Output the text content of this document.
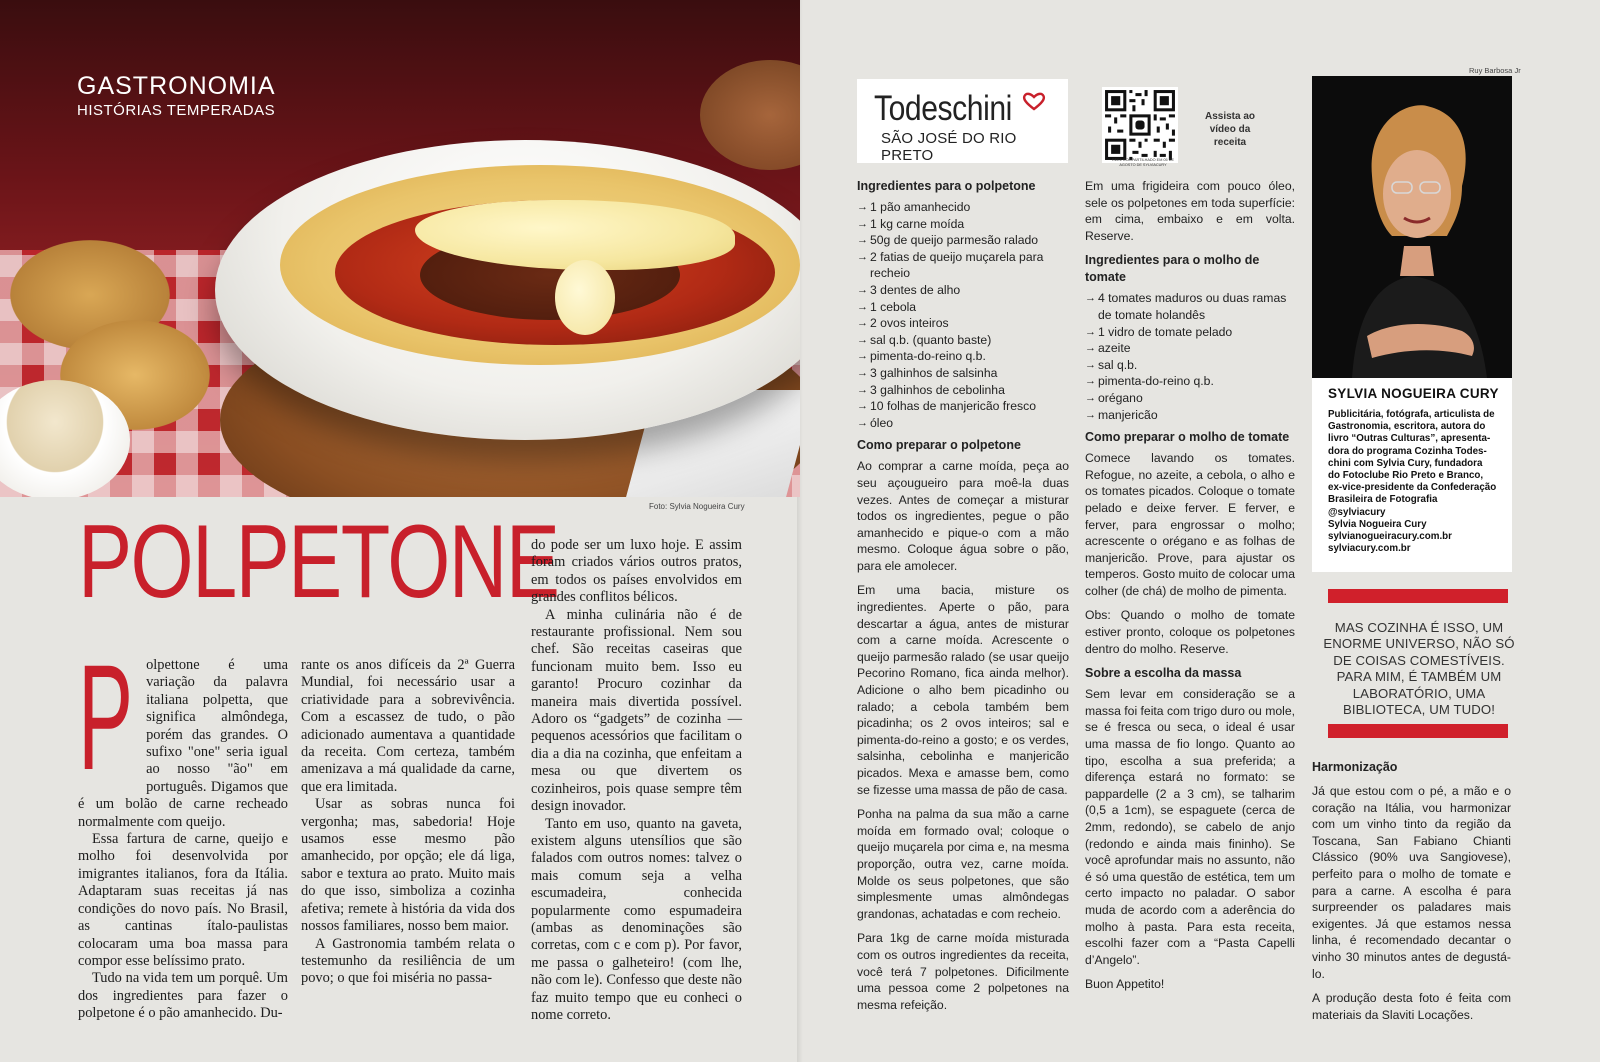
GASTRONOMIA
HISTÓRIAS TEMPERADAS
Foto: Sylvia Nogueira Cury
POLPETONE

Polpettone é uma variação da palavra italiana polpetta, que significa almôndega, porém das grandes. O sufixo "one" seria igual ao nosso "ão" em português. Digamos que é um bolão de carne recheado normalmente com queijo.

Essa fartura de carne, queijo e molho foi desenvolvida por imigrantes italianos, fora da Itália. Adaptaram suas receitas já nas condições do novo país. No Brasil, as cantinas ítalo-paulistas colocaram uma boa massa para compor esse belíssimo prato.

Tudo na vida tem um porquê. Um dos ingredientes para fazer o polpetone é o pão amanhecido. Du-

rante os anos difíceis da 2ª Guerra Mundial, foi necessário usar a criatividade para a sobrevivência. Com a escassez de tudo, o pão adicionado aumentava a quantidade da receita. Com certeza, também amenizava a má qualidade da carne, que era limitada.

Usar as sobras nunca foi vergonha; mas, sabedoria! Hoje usamos esse mesmo pão amanhecido, por opção; ele dá liga, sabor e textura ao prato. Muito mais do que isso, simboliza a cozinha afetiva; remete à história da vida dos nossos familiares, nosso bem maior.

A Gastronomia também relata o testemunho da resiliência de um povo; o que foi miséria no passa-

do pode ser um luxo hoje. E assim foram criados vários outros pratos, em todos os países envolvidos em grandes conflitos bélicos.

A minha culinária não é de restaurante profissional. Nem sou chef. São receitas caseiras que funcionam muito bem. Isso eu garanto! Procuro cozinhar da maneira mais divertida possível. Adoro os “gadgets” de cozinha — pequenos acessórios que facilitam o dia a dia na cozinha, que enfeitam a mesa ou que divertem os cozinheiros, pois quase sempre têm design inovador.

Tanto em uso, quanto na gaveta, existem alguns utensílios que são falados com outros nomes: talvez o mais comum seja a velha escumadeira, conhecida popularmente como espumadeira (ambas as denominações são corretas, com c e com p). Por favor, me passa o galheteiro! (com lhe, não com le). Confesso que deste não faz muito tempo que eu conheci o nome correto.

Todeschini
SÃO JOSÉ DO RIO PRETO	REEL COMPARTILHADO EM 05 DE AGOSTO DE SYLVIACURY
Assista ao vídeo da receita
Ingredientes para o polpetone
→ 1 pão amanhecido
→ 1 kg carne moída
→ 50g de queijo parmesão ralado
→ 2 fatias de queijo muçarela para recheio
→ 3 dentes de alho
→ 1 cebola
→ 2 ovos inteiros
→ sal q.b. (quanto baste)
→ pimenta-do-reino q.b.
→ 3 galhinhos de salsinha
→ 3 galhinhos de cebolinha
→ 10 folhas de manjericão fresco
→ óleo
Como preparar o polpetone

Ao comprar a carne moída, peça ao seu açougueiro para moê-la duas vezes. Antes de começar a misturar todos os ingredientes, pegue o pão amanhecido e pique-o com a mão mesmo. Coloque água sobre o pão, para ele amolecer.

Em uma bacia, misture os ingredientes. Aperte o pão, para descartar a água, antes de misturar com a carne moída. Acrescente o queijo parmesão ralado (se usar queijo Pecorino Romano, fica ainda melhor). Adicione o alho bem picadinho ou ralado; a cebola também bem picadinha; os 2 ovos inteiros; sal e pimenta-do-reino a gosto; e os verdes, salsinha, cebolinha e manjericão picados. Mexa e amasse bem, como se fizesse uma massa de pão de casa.

Ponha na palma da sua mão a carne moída em formado oval; coloque o queijo muçarela por cima e, na mesma proporção, outra vez, carne moída. Molde os seus polpetones, que são simplesmente umas almôndegas grandonas, achatadas e com recheio.

Para 1kg de carne moída misturada com os outros ingredientes da receita, você terá 7 polpetones. Dificilmente uma pessoa come 2 polpetones na mesma refeição.

Em uma frigideira com pouco óleo, sele os polpetones em toda superfície: em cima, embaixo e em volta. Reserve.

Ingredientes para o molho de tomate
→ 4 tomates maduros ou duas ramas de tomate holandês
→ 1 vidro de tomate pelado
→ azeite
→ sal q.b.
→ pimenta-do-reino q.b.
→ orégano
→ manjericão
Como preparar o molho de tomate

Comece lavando os tomates. Refogue, no azeite, a cebola, o alho e os tomates picados. Coloque o tomate pelado e deixe ferver. E ferver, e ferver, para engrossar o molho; acrescente o orégano e as folhas de manjericão. Prove, para ajustar os temperos. Gosto muito de colocar uma colher (de chá) de molho de pimenta.

Obs: Quando o molho de tomate estiver pronto, coloque os polpetones dentro do molho. Reserve.

Sobre a escolha da massa

Sem levar em consideração se a massa foi feita com trigo duro ou mole, se é fresca ou seca, o ideal é usar uma massa de fio longo. Quanto ao tipo, escolha a sua preferida; a diferença estará no formato: se pappardelle (2 a 3 cm), se talharim (0,5 a 1cm), se espaguete (cerca de 2mm, redondo), se cabelo de anjo (redondo e ainda mais fininho). Se você aprofundar mais no assunto, não é só uma questão de estética, tem um certo impacto no paladar. O sabor muda de acordo com a aderência do molho à pasta. Para esta receita, escolhi fazer com a “Pasta Capelli d’Angelo”.

Buon Appetito!

Ruy Barbosa Jr
SYLVIA NOGUEIRA CURY
Publicitária, fotógrafa, articulista de
Gastronomia, escritora, autora do
livro “Outras Culturas”, apresenta-
dora do programa Cozinha Todes-
chini com Sylvia Cury, fundadora
do Fotoclube Rio Preto e Branco,
ex-vice-presidente da Confederação
Brasileira de Fotografia
@sylviacury
Sylvia Nogueira Cury
sylvianogueiracury.com.br
sylviacury.com.br
MAS COZINHA É ISSO, UM ENORME UNIVERSO, NÃO SÓ DE COISAS COMESTÍVEIS. PARA MIM, É TAMBÉM UM LABORATÓRIO, UMA BIBLIOTECA, UM TUDO!
Harmonização

Já que estou com o pé, a mão e o coração na Itália, vou harmonizar com um vinho tinto da região da Toscana, San Fabiano Chianti Clássico (90% uva Sangiovese), perfeito para o molho de tomate e para a carne. A escolha é para surpreender os paladares mais exigentes. Já que estamos nessa linha, é recomendado decantar o vinho 30 minutos antes de degustá-lo.

A produção desta foto é feita com materiais da Slaviti Locações.
